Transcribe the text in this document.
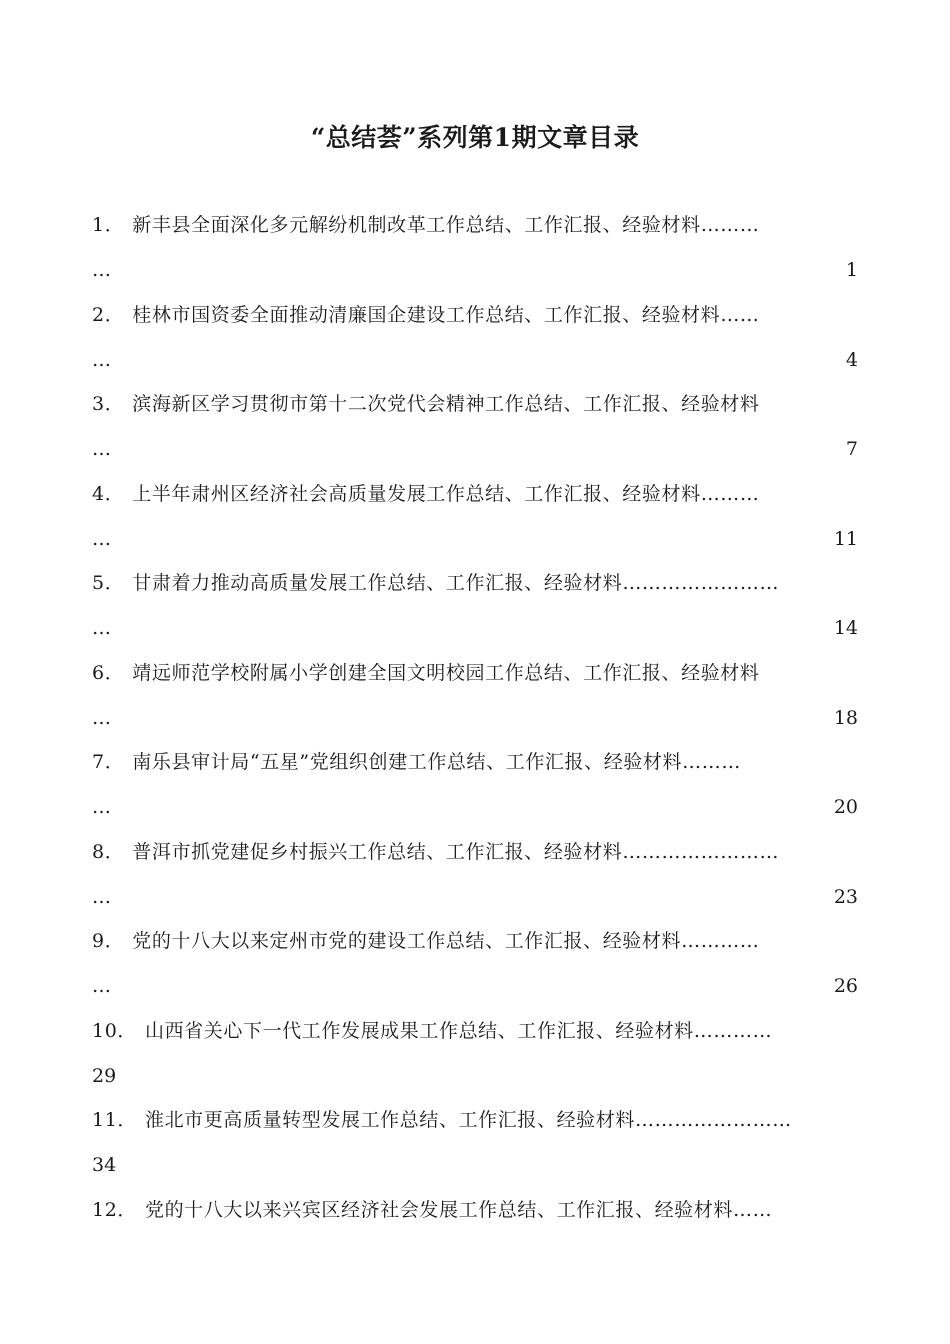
“总结荟”系列第1期文章目录
1． 新丰县全面深化多元解纷机制改革工作总结、工作汇报、经验材料………
…	1
2． 桂林市国资委全面推动清廉国企建设工作总结、工作汇报、经验材料……
…	4
3． 滨海新区学习贯彻市第十二次党代会精神工作总结、工作汇报、经验材料
…	7
4． 上半年肃州区经济社会高质量发展工作总结、工作汇报、经验材料………
…	11
5． 甘肃着力推动高质量发展工作总结、工作汇报、经验材料……………………
…	14
6． 靖远师范学校附属小学创建全国文明校园工作总结、工作汇报、经验材料
…	18
7． 南乐县审计局“五星”党组织创建工作总结、工作汇报、经验材料………
…	20
8． 普洱市抓党建促乡村振兴工作总结、工作汇报、经验材料……………………
…	23
9． 党的十八大以来定州市党的建设工作总结、工作汇报、经验材料…………
…	26
10． 山西省关心下一代工作发展成果工作总结、工作汇报、经验材料…………
29
11． 淮北市更高质量转型发展工作总结、工作汇报、经验材料……………………
34
12． 党的十八大以来兴宾区经济社会发展工作总结、工作汇报、经验材料……
